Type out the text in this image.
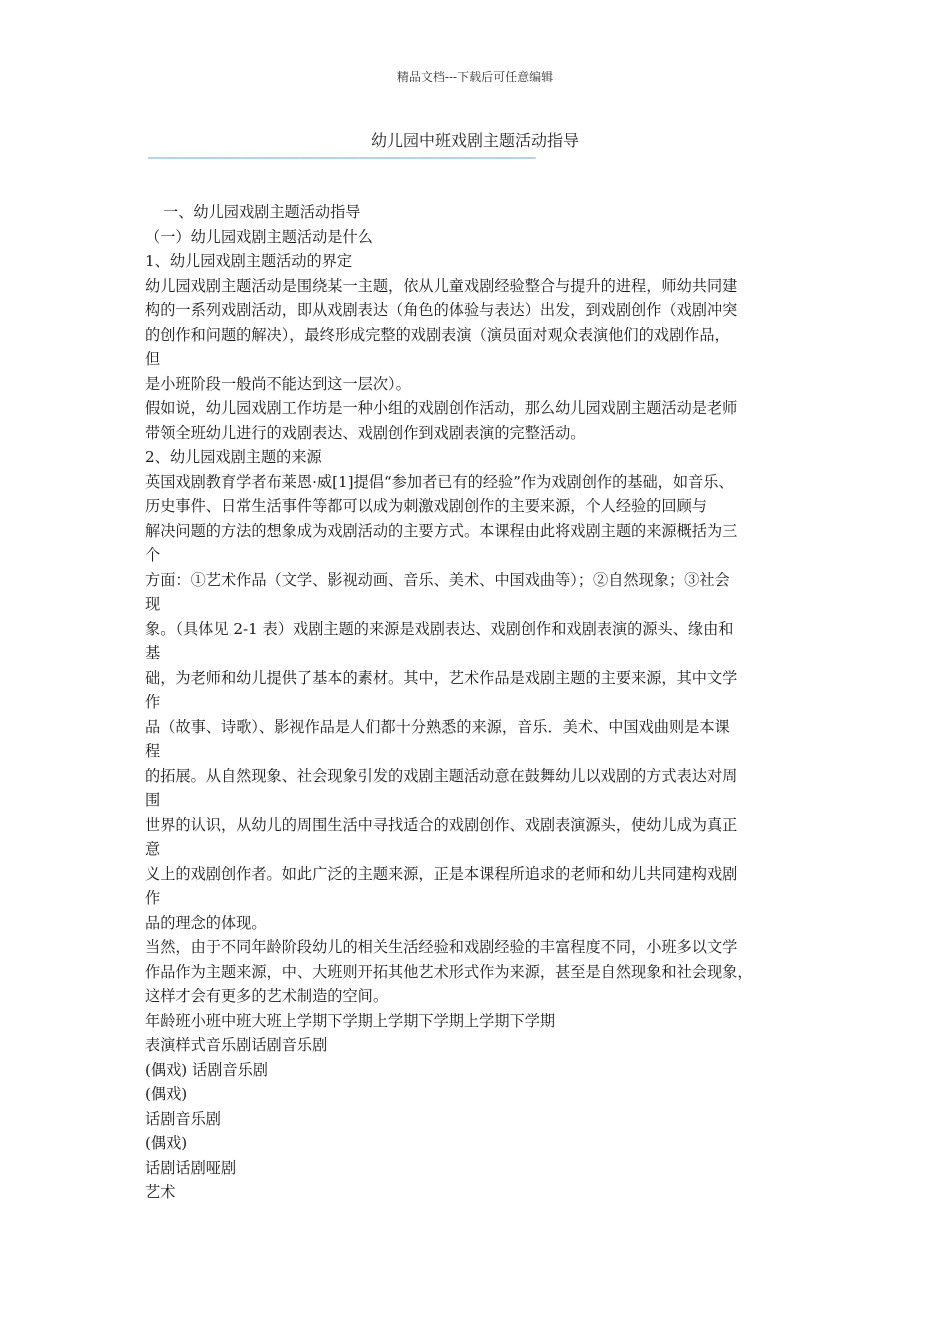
精品文档---下载后可任意编辑
幼儿园中班戏剧主题活动指导
——————————————————————————————————————————————

一、幼儿园戏剧主题活动指导

（一）幼儿园戏剧主题活动是什么

1、幼儿园戏剧主题活动的界定

幼儿园戏剧主题活动是围绕某一主题，依从儿童戏剧经验整合与提升的进程，师幼共同建

构的一系列戏剧活动，即从戏剧表达（角色的体验与表达）出发，到戏剧创作（戏剧冲突

的创作和问题的解决），最终形成完整的戏剧表演（演员面对观众表演他们的戏剧作品，

但

是小班阶段一般尚不能达到这一层次）。

假如说，幼儿园戏剧工作坊是一种小组的戏剧创作活动，那么幼儿园戏剧主题活动是老师

带领全班幼儿进行的戏剧表达、戏剧创作到戏剧表演的完整活动。

2、幼儿园戏剧主题的来源

英国戏剧教育学者布莱恩·威[1]提倡“参加者已有的经验”作为戏剧创作的基础，如音乐、

历史事件、日常生活事件等都可以成为刺激戏剧创作的主要来源，个人经验的回顾与

解决问题的方法的想象成为戏剧活动的主要方式。本课程由此将戏剧主题的来源概括为三

个

方面：①艺术作品（文学、影视动画、音乐、美术、中国戏曲等）；②自然现象；③社会

现

象。（具体见 2-1 表）戏剧主题的来源是戏剧表达、戏剧创作和戏剧表演的源头、缘由和

基

础，为老师和幼儿提供了基本的素材。其中，艺术作品是戏剧主题的主要来源，其中文学

作

品（故事、诗歌）、影视作品是人们都十分熟悉的来源，音乐．美术、中国戏曲则是本课

程

的拓展。从自然现象、社会现象引发的戏剧主题活动意在鼓舞幼儿以戏剧的方式表达对周

围

世界的认识，从幼儿的周围生活中寻找适合的戏剧创作、戏剧表演源头，使幼儿成为真正

意

义上的戏剧创作者。如此广泛的主题来源，正是本课程所追求的老师和幼儿共同建构戏剧

作

品的理念的体现。

当然，由于不同年龄阶段幼儿的相关生活经验和戏剧经验的丰富程度不同，小班多以文学

作品作为主题来源，中、大班则开拓其他艺术形式作为来源，甚至是自然现象和社会现象，

这样才会有更多的艺术制造的空间。

年龄班小班中班大班上学期下学期上学期下学期上学期下学期

表演样式音乐剧话剧音乐剧

(偶戏) 话剧音乐剧

(偶戏)

话剧音乐剧

(偶戏)

话剧话剧哑剧

艺术
